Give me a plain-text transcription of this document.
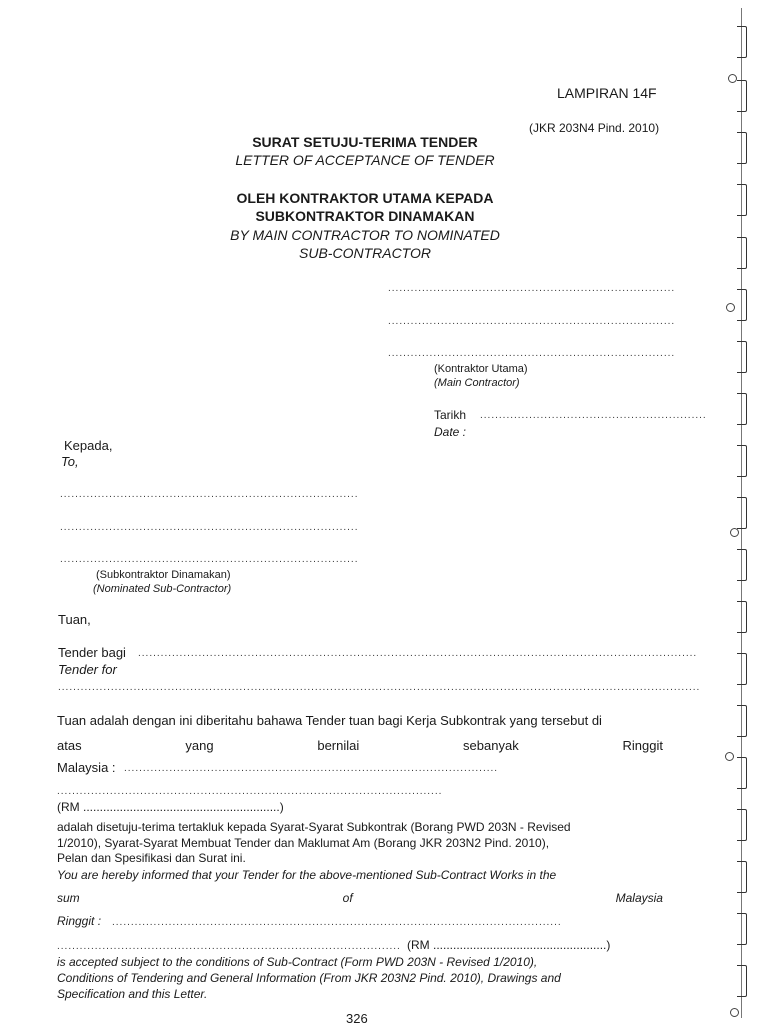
LAMPIRAN 14F
(JKR 203N4 Pind. 2010)
SURAT SETUJU-TERIMA TENDER
LETTER OF ACCEPTANCE OF TENDER
OLEH KONTRAKTOR UTAMA KEPADA
SUBKONTRAKTOR DINAMAKAN
BY MAIN CONTRACTOR TO NOMINATED
SUB-CONTRACTOR
............................................................................
............................................................................
............................................................................
(Kontraktor Utama)
(Main Contractor)
Tarikh ............................................................
Date :
Kepada,
To,
...............................................................................
...............................................................................
...............................................................................
(Subkontraktor Dinamakan)
(Nominated Sub-Contractor)
Tuan,
Tender bagi ....................................................................................................................................................
Tender for
..........................................................................................................................................................................
Tuan adalah dengan ini diberitahu bahawa Tender tuan bagi Kerja Subkontrak yang tersebut di
atas	yang	bernilai	sebanyak	Ringgit
Malaysia : ...................................................................................................
......................................................................................................
(RM ...........................................................)
adalah disetuju-terima tertakluk kepada Syarat-Syarat Subkontrak (Borang PWD 203N - Revised
1/2010), Syarat-Syarat Membuat Tender dan Maklumat Am (Borang JKR 203N2 Pind. 2010),
Pelan dan Spesifikasi dan Surat ini.
You are hereby informed that your Tender for the above-mentioned Sub-Contract Works in the
sum	of	Malaysia
Ringgit : .......................................................................................................................
........................................................................................... (RM ....................................................)
is accepted subject to the conditions of Sub-Contract (Form PWD 203N - Revised 1/2010),
Conditions of Tendering and General Information (From JKR 203N2 Pind. 2010), Drawings and
Specification and this Letter.
326
